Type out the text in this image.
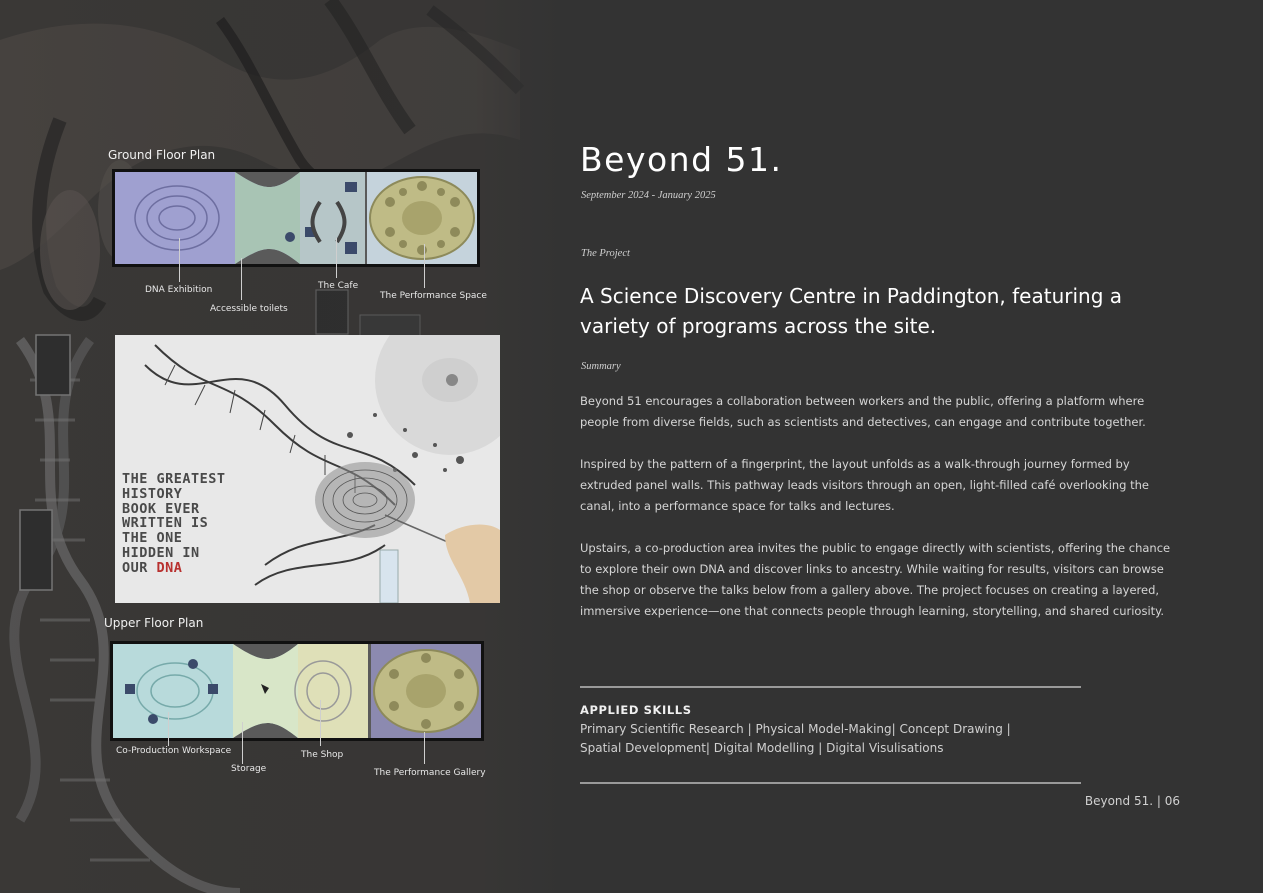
Ground Floor Plan
DNA Exhibition
Accessible toilets
The Cafe
The Performance Space
THE GREATEST
HISTORY
BOOK EVER
WRITTEN IS
THE ONE
HIDDEN IN
OUR DNA
Upper Floor Plan
Co-Production Workspace
Storage
The Shop
The Performance Gallery
Beyond 51.
September 2024 - January 2025
The Project
A Science Discovery Centre in Paddington, featuring a variety of programs across the site.
Summary
Beyond 51 encourages a collaboration between workers and the public, offering a platform where people from diverse fields, such as scientists and detectives, can engage and contribute together.
Inspired by the pattern of a fingerprint, the layout unfolds as a walk-through journey formed by extruded panel walls. This pathway leads visitors through an open, light-filled café overlooking the canal, into a performance space for talks and lectures.
Upstairs, a co-production area invites the public to engage directly with scientists, offering the chance to explore their own DNA and discover links to ancestry. While waiting for results, visitors can browse the shop or observe the talks below from a gallery above. The project focuses on creating a layered, immersive experience—one that connects people through learning, storytelling, and shared curiosity.
APPLIED SKILLS
Primary Scientific Research | Physical Model-Making| Concept Drawing | Spatial Development| Digital Modelling | Digital Visulisations
Beyond 51. | 06
